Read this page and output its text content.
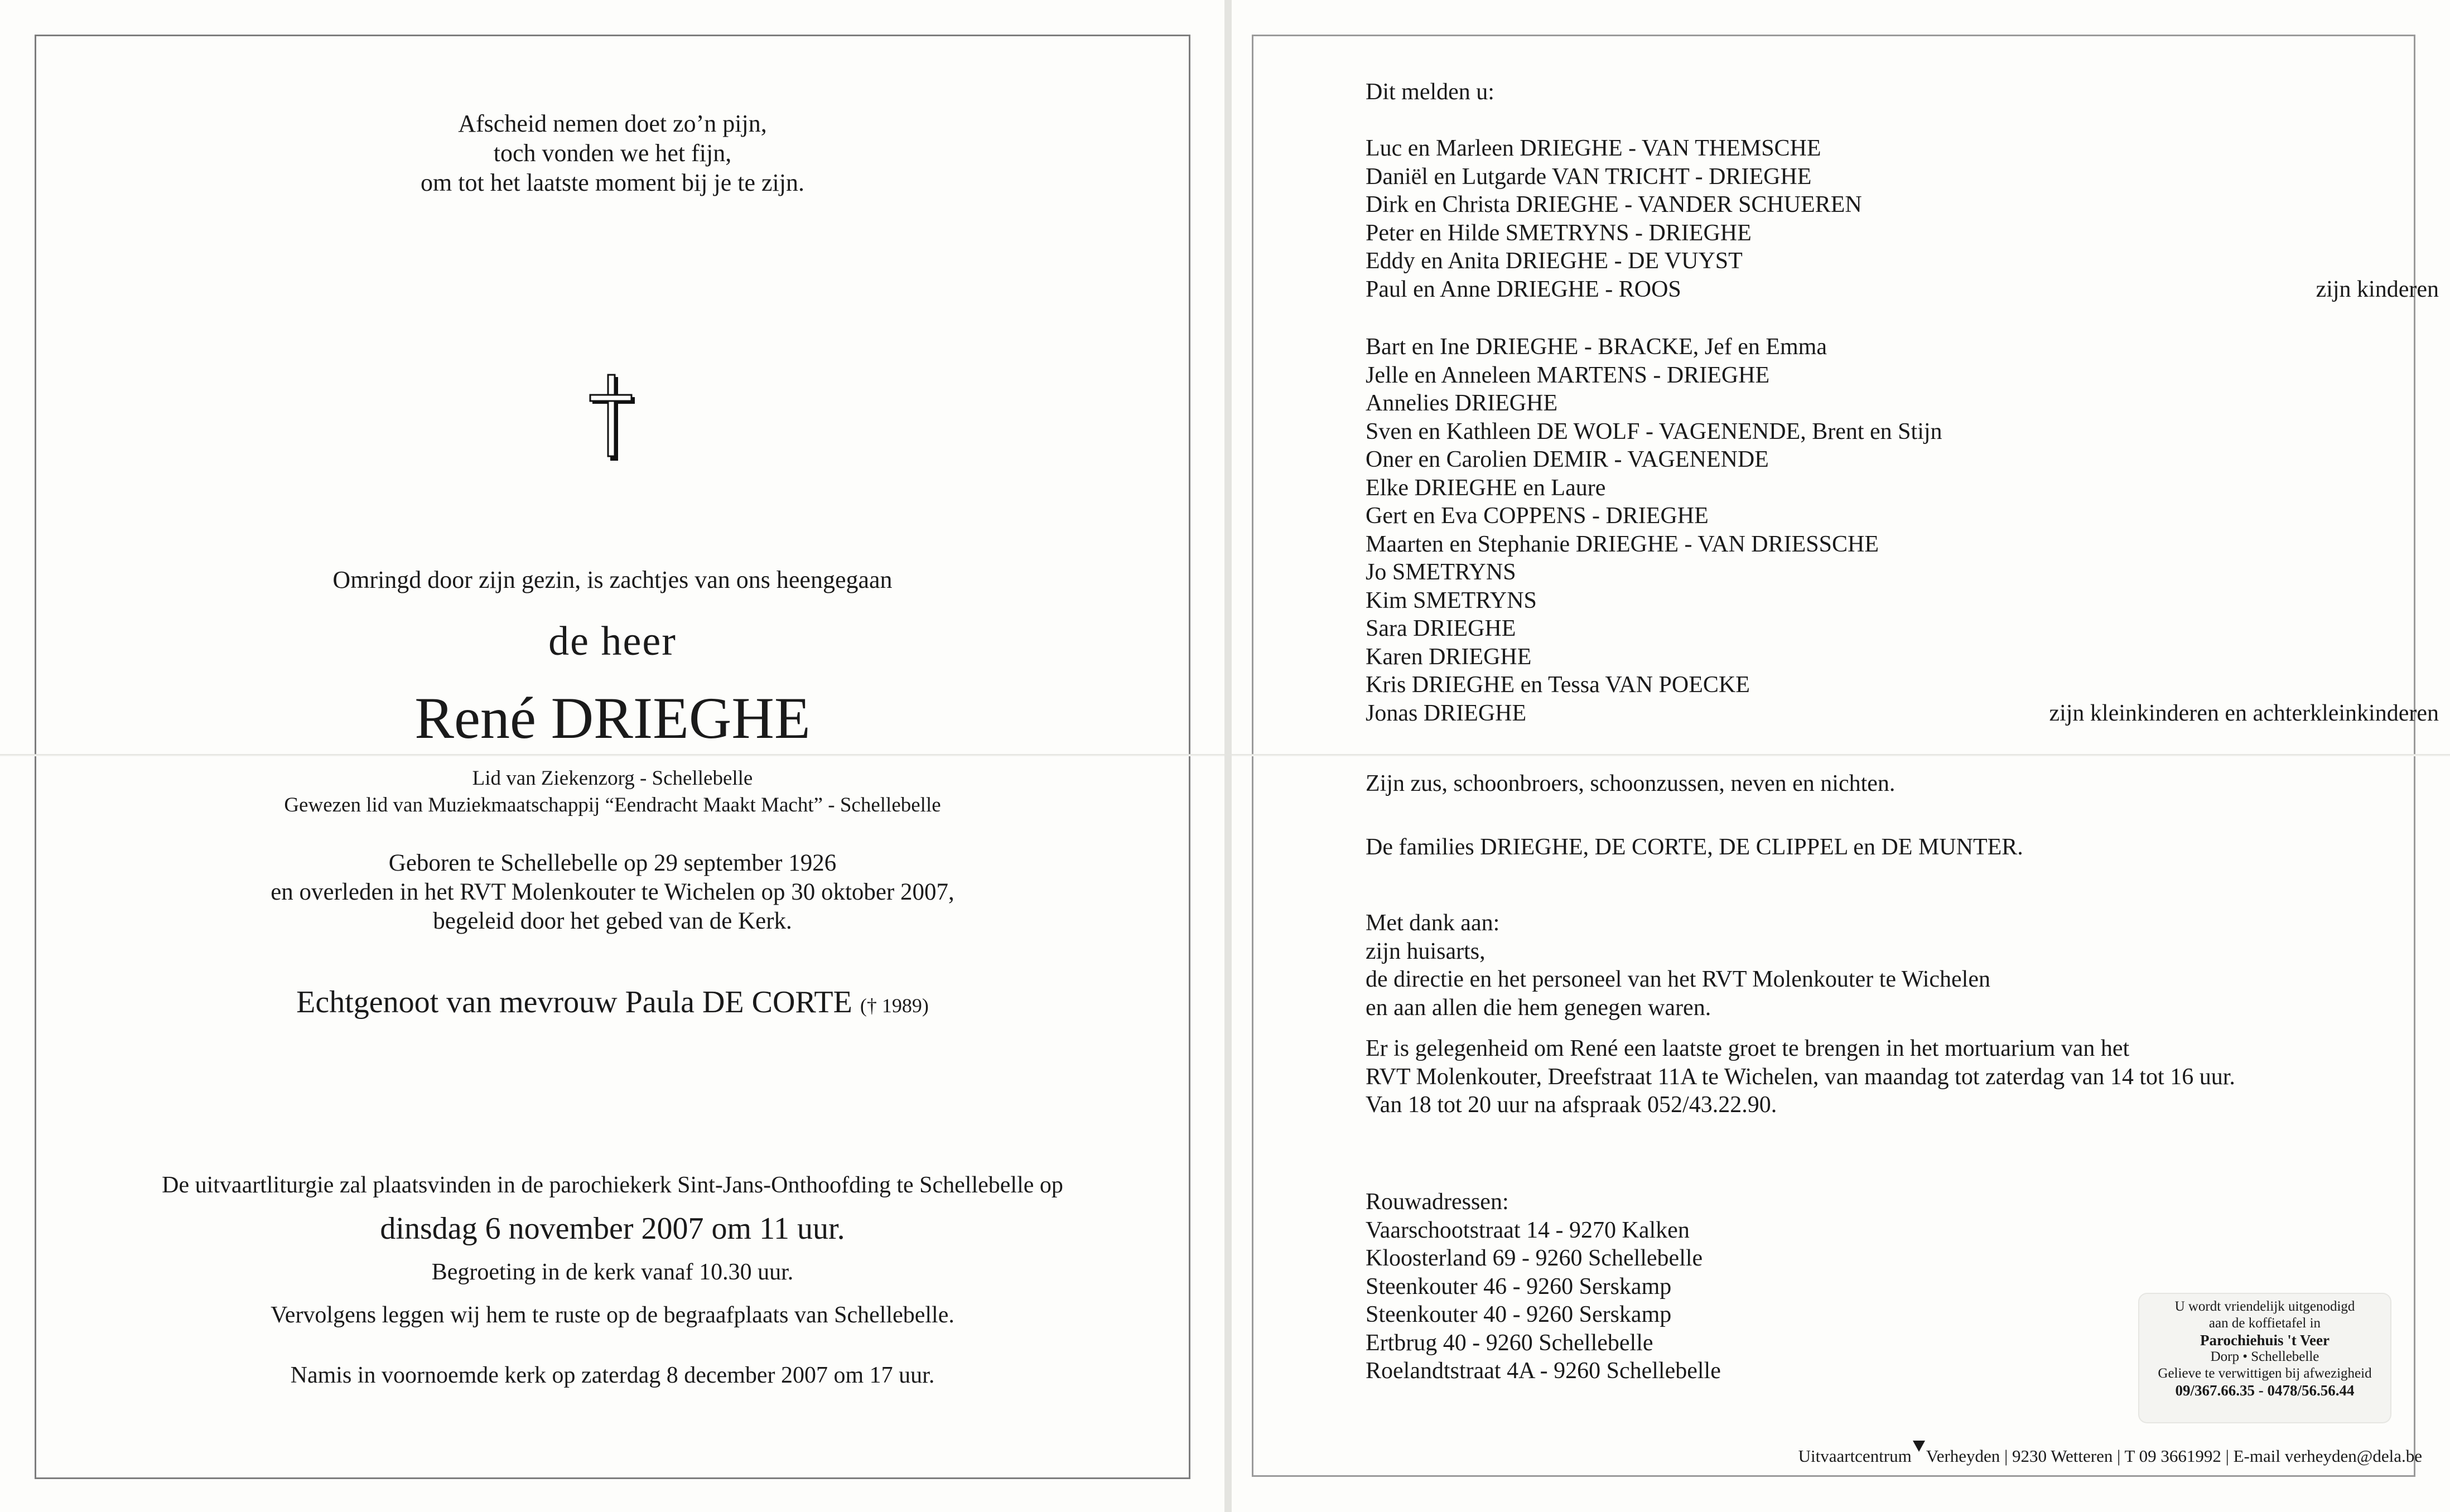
Afscheid nemen doet zo’n pijn,
toch vonden we het fijn,
om tot het laatste moment bij je te zijn.
Omringd door zijn gezin, is zachtjes van ons heengegaan
de heer
René DRIEGHE
Lid van Ziekenzorg - Schellebelle
Gewezen lid van Muziekmaatschappij “Eendracht Maakt Macht” - Schellebelle
Geboren te Schellebelle op 29 september 1926
en overleden in het RVT Molenkouter te Wichelen op 30 oktober 2007,
begeleid door het gebed van de Kerk.
Echtgenoot van mevrouw Paula DE CORTE († 1989)
De uitvaartliturgie zal plaatsvinden in de parochiekerk Sint-Jans-Onthoofding te Schellebelle op
dinsdag 6 november 2007 om 11 uur.
Begroeting in de kerk vanaf 10.30 uur.
Vervolgens leggen wij hem te ruste op de begraafplaats van Schellebelle.
Namis in voornoemde kerk op zaterdag 8 december 2007 om 17 uur.
Dit melden u:
Luc en Marleen DRIEGHE - VAN THEMSCHE
Daniël en Lutgarde VAN TRICHT - DRIEGHE
Dirk en Christa DRIEGHE - VANDER SCHUEREN
Peter en Hilde SMETRYNS - DRIEGHE
Eddy en Anita DRIEGHE - DE VUYST
Paul en Anne DRIEGHE - ROOS	zijn kinderen
Bart en Ine DRIEGHE - BRACKE, Jef en Emma
Jelle en Anneleen MARTENS - DRIEGHE
Annelies DRIEGHE
Sven en Kathleen DE WOLF - VAGENENDE, Brent en Stijn
Oner en Carolien DEMIR - VAGENENDE
Elke DRIEGHE en Laure
Gert en Eva COPPENS - DRIEGHE
Maarten en Stephanie DRIEGHE - VAN DRIESSCHE
Jo SMETRYNS
Kim SMETRYNS
Sara DRIEGHE
Karen DRIEGHE
Kris DRIEGHE en Tessa VAN POECKE
Jonas DRIEGHE	zijn kleinkinderen en achterkleinkinderen
Zijn zus, schoonbroers, schoonzussen, neven en nichten.
De families DRIEGHE, DE CORTE, DE CLIPPEL en DE MUNTER.
Met dank aan:
zijn huisarts,
de directie en het personeel van het RVT Molenkouter te Wichelen
en aan allen die hem genegen waren.
Er is gelegenheid om René een laatste groet te brengen in het mortuarium van het
RVT Molenkouter, Dreefstraat 11A te Wichelen, van maandag tot zaterdag van 14 tot 16 uur.
Van 18 tot 20 uur na afspraak 052/43.22.90.
Rouwadressen:
Vaarschootstraat 14 - 9270 Kalken
Kloosterland 69 - 9260 Schellebelle
Steenkouter 46 - 9260 Serskamp
Steenkouter 40 - 9260 Serskamp
Ertbrug 40 - 9260 Schellebelle
Roelandtstraat 4A - 9260 Schellebelle
U wordt vriendelijk uitgenodigd
aan de koffietafel in
Parochiehuis 't Veer
Dorp • Schellebelle
Gelieve te verwittigen bij afwezigheid
09/367.66.35 - 0478/56.56.44
Uitvaartcentrum Verheyden | 9230 Wetteren | T 09 3661992 | E-mail verheyden@dela.be
